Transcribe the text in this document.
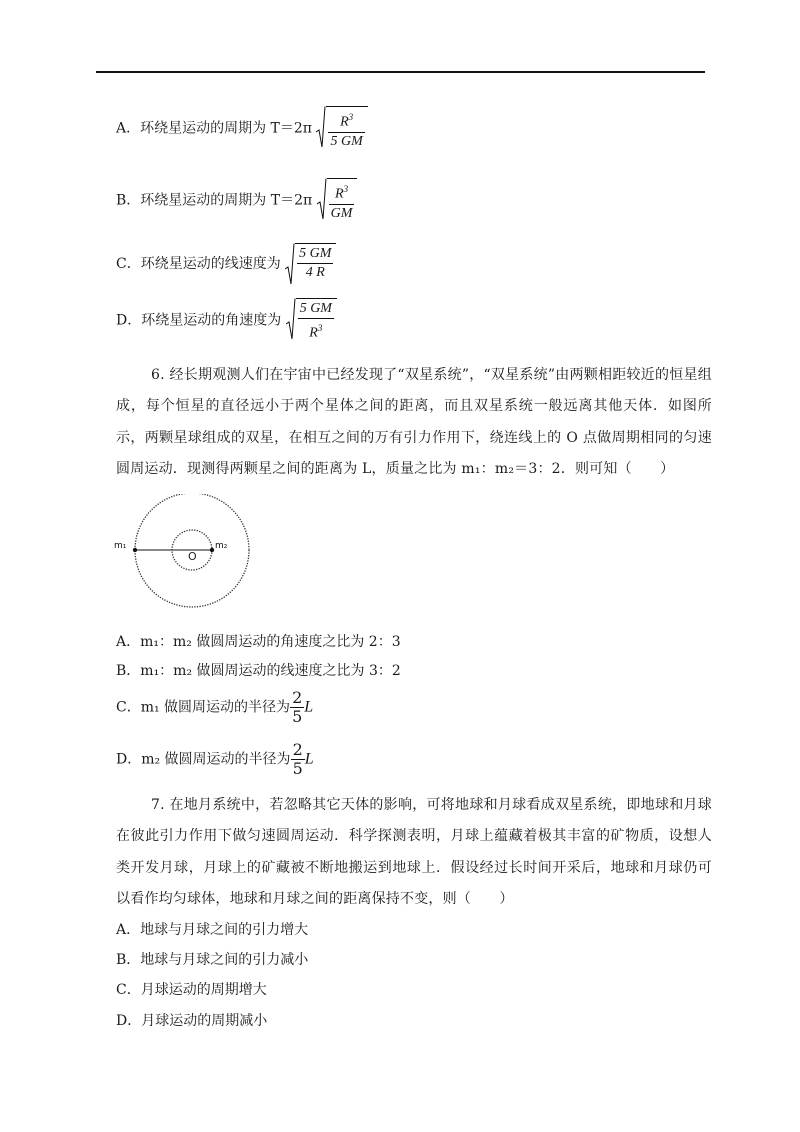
A．环绕星运动的周期为 $T=2\pi \frac{R^3}{5 GM}$
B．环绕星运动的周期为 $T=2\pi \frac{R^3}{GM}$
C．环绕星运动的线速度为 $\frac{5 GM}{4 R}$
D．环绕星运动的角速度为 $\frac{5 GM}{R^3}$
6. 经长期观测人们在宇宙中已经发现了“双星系统”，“双星系统”由两颗相距较近的恒星组成，每个恒星的直径远小于两个星体之间的距离，而且双星系统一般远离其他天体．如图所示，两颗星球组成的双星，在相互之间的万有引力作用下，绕连线上的 O 点做周期相同的匀速圆周运动．现测得两颗星之间的距离为 L，质量之比为 m₁：m₂＝3：2．则可知（　　）
m₁	m₂
O
A．m₁：m₂ 做圆周运动的角速度之比为 2：3
B．m₁：m₂ 做圆周运动的线速度之比为 3：2
C．m₁ 做圆周运动的半径为 $\frac{2}{5}$ L
D．m₂ 做圆周运动的半径为 $\frac{2}{5}$ L
7. 在地月系统中，若忽略其它天体的影响，可将地球和月球看成双星系统，即地球和月球在彼此引力作用下做匀速圆周运动．科学探测表明，月球上蕴藏着极其丰富的矿物质，设想人类开发月球，月球上的矿藏被不断地搬运到地球上．假设经过长时间开采后，地球和月球仍可以看作均匀球体，地球和月球之间的距离保持不变，则（　　）
A．地球与月球之间的引力增大
B．地球与月球之间的引力减小
C．月球运动的周期增大
D．月球运动的周期减小
